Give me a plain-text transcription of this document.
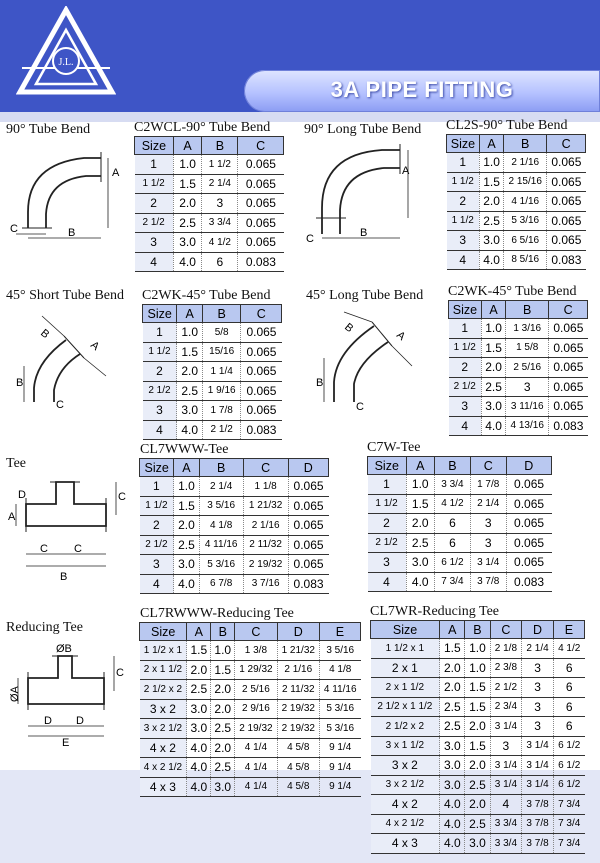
J.L.
3A PIPE FITTING
90° Tube Bend	90° Long Tube Bend
45° Short Tube Bend	45° Long Tube Bend
Tee
Reducing Tee
C2WCL-90° Tube Bend	CL2S-90° Tube Bend
C2WK-45° Tube Bend	C2WK-45° Tube Bend
CL7WWW-Tee	C7W-Tee
CL7RWWW-Reducing Tee	CL7WR-Reducing Tee
Size	A	B	C
1	1.0	1 1/2	0.065
1 1/2	1.5	2 1/4	0.065
2	2.0	3	0.065
2 1/2	2.5	3 3/4	0.065
3	3.0	4 1/2	0.065
4	4.0	6	0.083
Size	A	B	C
1	1.0	2 1/16	0.065
1 1/2	1.5	2 15/16	0.065
2	2.0	4 1/16	0.065
1 1/2	2.5	5 3/16	0.065
3	3.0	6 5/16	0.065
4	4.0	8 5/16	0.083
Size	A	B	C
1	1.0	5/8	0.065
1 1/2	1.5	15/16	0.065
2	2.0	1 1/4	0.065
2 1/2	2.5	1 9/16	0.065
3	3.0	1 7/8	0.065
4	4.0	2 1/2	0.083
Size	A	B	C
1	1.0	1 3/16	0.065
1 1/2	1.5	1 5/8	0.065
2	2.0	2 5/16	0.065
2 1/2	2.5	3	0.065
3	3.0	3 11/16	0.065
4	4.0	4 13/16	0.083
Size	A	B	C	D
1	1.0	2 1/4	1 1/8	0.065
1 1/2	1.5	3 5/16	1 21/32	0.065
2	2.0	4 1/8	2 1/16	0.065
2 1/2	2.5	4 11/16	2 11/32	0.065
3	3.0	5 3/16	2 19/32	0.065
4	4.0	6 7/8	3 7/16	0.083
Size	A	B	C	D
1	1.0	3 3/4	1 7/8	0.065
1 1/2	1.5	4 1/2	2 1/4	0.065
2	2.0	6	3	0.065
2 1/2	2.5	6	3	0.065
3	3.0	6 1/2	3 1/4	0.065
4	4.0	7 3/4	3 7/8	0.083
Size	A	B	C	D	E
1 1/2 x 1	1.5	1.0	1 3/8	1 21/32	3 5/16
2 x 1 1/2	2.0	1.5	1 29/32	2 1/16	4 1/8
2 1/2 x 2	2.5	2.0	2 5/16	2 11/32	4 11/16
3 x 2	3.0	2.0	2 9/16	2 19/32	5 3/16
3 x 2 1/2	3.0	2.5	2 19/32	2 19/32	5 3/16
4 x 2	4.0	2.0	4 1/4	4 5/8	9 1/4
4 x 2 1/2	4.0	2.5	4 1/4	4 5/8	9 1/4
4 x 3	4.0	3.0	4 1/4	4 5/8	9 1/4
Size	A	B	C	D	E
1 1/2 x 1	1.5	1.0	2 1/8	2 1/4	4 1/2
2 x 1	2.0	1.0	2 3/8	3	6
2 x 1 1/2	2.0	1.5	2 1/2	3	6
2 1/2 x 1 1/2	2.5	1.5	2 3/4	3	6
2 1/2 x 2	2.5	2.0	3 1/4	3	6
3 x 1 1/2	3.0	1.5	3	3 1/4	6 1/2
3 x 2	3.0	2.0	3 1/4	3 1/4	6 1/2
3 x 2 1/2	3.0	2.5	3 1/4	3 1/4	6 1/2
4 x 2	4.0	2.0	4	3 7/8	7 3/4
4 x 2 1/2	4.0	2.5	3 3/4	3 7/8	7 3/4
4 x 3	4.0	3.0	3 3/4	3 7/8	7 3/4
A
B
C
A
B
C
B
A
B
C
B
A
B
C
A
B
C C
C
D
ØB
ØA
C
D D
E
